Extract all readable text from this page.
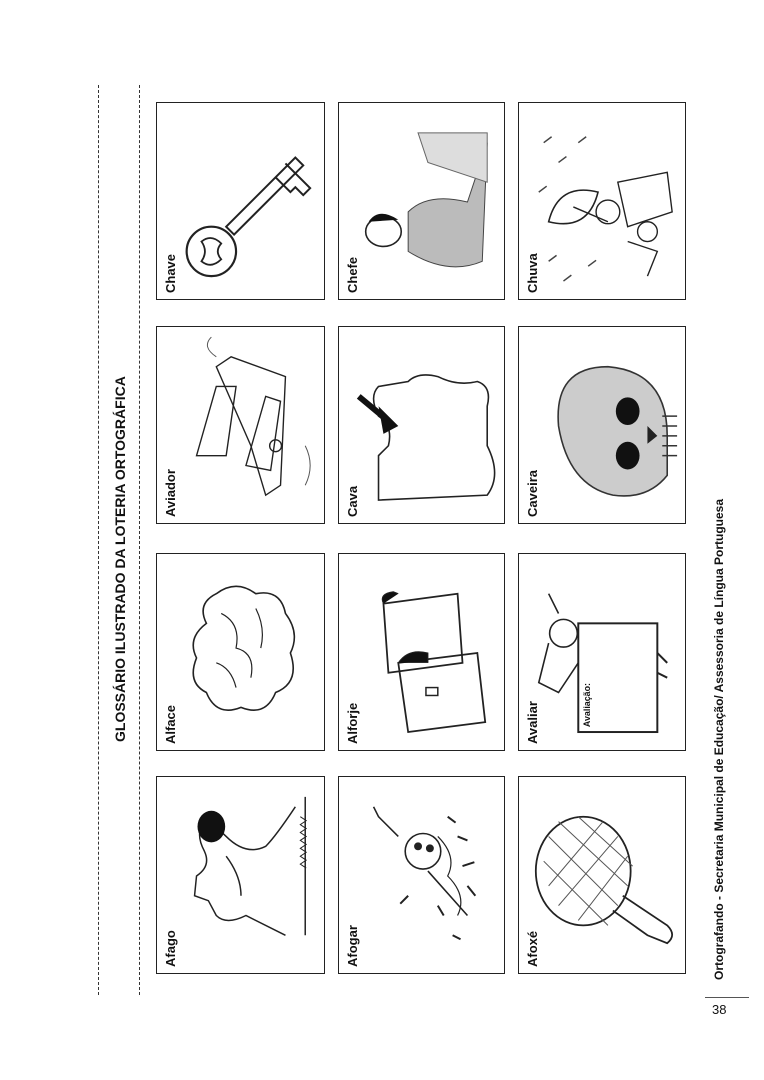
GLOSSÁRIO ILUSTRADO DA LOTERIA ORTOGRÁFICA	Ortografando - Secretaria Municipal de Educação/ Assessoria de Língua Portuguesa
38
Afago
Alface
Aviador
Chave
Afogar
Alforje
Cava
Chefe
Afoxé
Avaliação:
Avaliar
Caveira
Chuva
